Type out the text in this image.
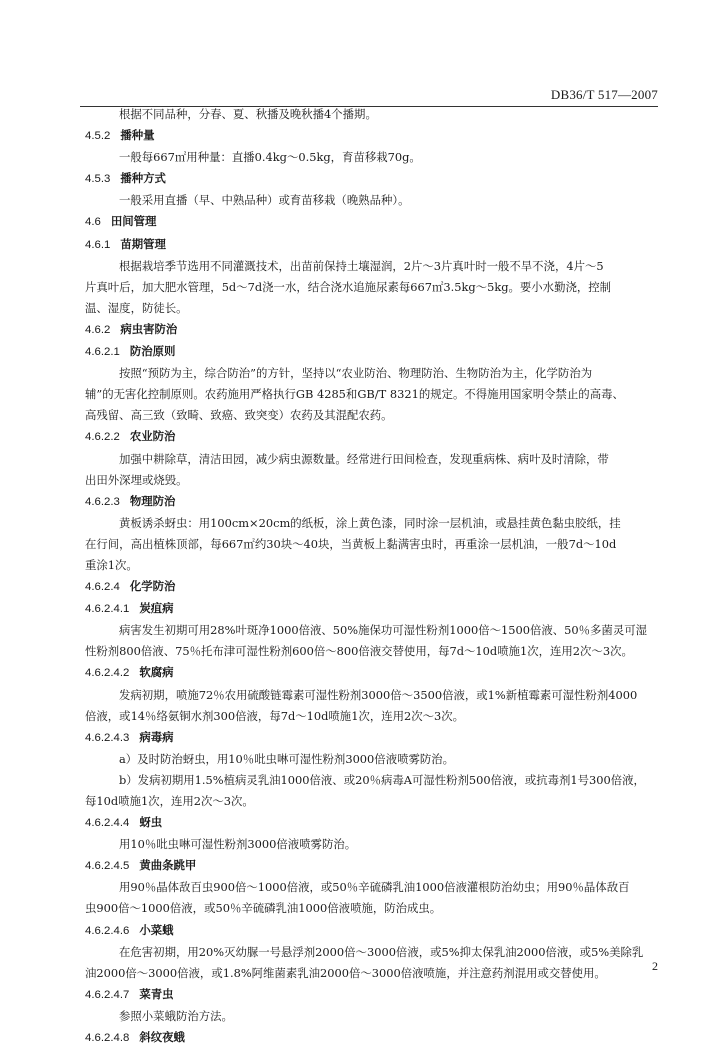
DB36/T 517—2007
根据不同品种，分春、夏、秋播及晚秋播4个播期。
4.5.2 播种量
一般每667㎡用种量：直播0.4kg～0.5kg，育苗移栽70g。
4.5.3 播种方式
一般采用直播（早、中熟品种）或育苗移栽（晚熟品种）。
4.6 田间管理
4.6.1 苗期管理
根据栽培季节选用不同灌溉技术，出苗前保持土壤湿润，2片～3片真叶时一般不旱不浇，4片～5
片真叶后，加大肥水管理，5d～7d浇一水，结合浇水追施尿素每667㎡3.5kg～5kg。要小水勤浇，控制
温、湿度，防徒长。
4.6.2 病虫害防治
4.6.2.1 防治原则
按照“预防为主，综合防治”的方针，坚持以“农业防治、物理防治、生物防治为主，化学防治为
辅”的无害化控制原则。农药施用严格执行GB 4285和GB/T 8321的规定。不得施用国家明令禁止的高毒、
高残留、高三致（致畸、致癌、致突变）农药及其混配农药。
4.6.2.2 农业防治
加强中耕除草，清洁田园，减少病虫源数量。经常进行田间检查，发现重病株、病叶及时清除，带
出田外深埋或烧毁。
4.6.2.3 物理防治
黄板诱杀蚜虫：用100cm×20cm的纸板，涂上黄色漆，同时涂一层机油，或悬挂黄色黏虫胶纸，挂
在行间，高出植株顶部，每667㎡约30块～40块，当黄板上黏满害虫时，再重涂一层机油，一般7d～10d
重涂1次。
4.6.2.4 化学防治
4.6.2.4.1 炭疽病
病害发生初期可用28%叶斑净1000倍液、50%施保功可湿性粉剂1000倍～1500倍液、50％多菌灵可湿
性粉剂800倍液、75％托布津可湿性粉剂600倍～800倍液交替使用，每7d～10d喷施1次，连用2次～3次。
4.6.2.4.2 软腐病
发病初期，喷施72％农用硫酸链霉素可湿性粉剂3000倍～3500倍液，或1%新植霉素可湿性粉剂4000
倍液，或14％络氨铜水剂300倍液，每7d～10d喷施1次，连用2次～3次。
4.6.2.4.3 病毒病
a）及时防治蚜虫，用10％吡虫啉可湿性粉剂3000倍液喷雾防治。
b）发病初期用1.5%植病灵乳油1000倍液、或20％病毒A可湿性粉剂500倍液，或抗毒剂1号300倍液，
每10d喷施1次，连用2次～3次。
4.6.2.4.4 蚜虫
用10％吡虫啉可湿性粉剂3000倍液喷雾防治。
4.6.2.4.5 黄曲条跳甲
用90％晶体敌百虫900倍～1000倍液，或50％辛硫磷乳油1000倍液灌根防治幼虫；用90％晶体敌百
虫900倍～1000倍液，或50％辛硫磷乳油1000倍液喷施，防治成虫。
4.6.2.4.6 小菜蛾
在危害初期，用20%灭幼脲一号悬浮剂2000倍～3000倍液，或5%抑太保乳油2000倍液，或5%美除乳
油2000倍～3000倍液，或1.8%阿维菌素乳油2000倍～3000倍液喷施，并注意药剂混用或交替使用。
4.6.2.4.7 菜青虫
参照小菜蛾防治方法。
4.6.2.4.8 斜纹夜蛾
2
